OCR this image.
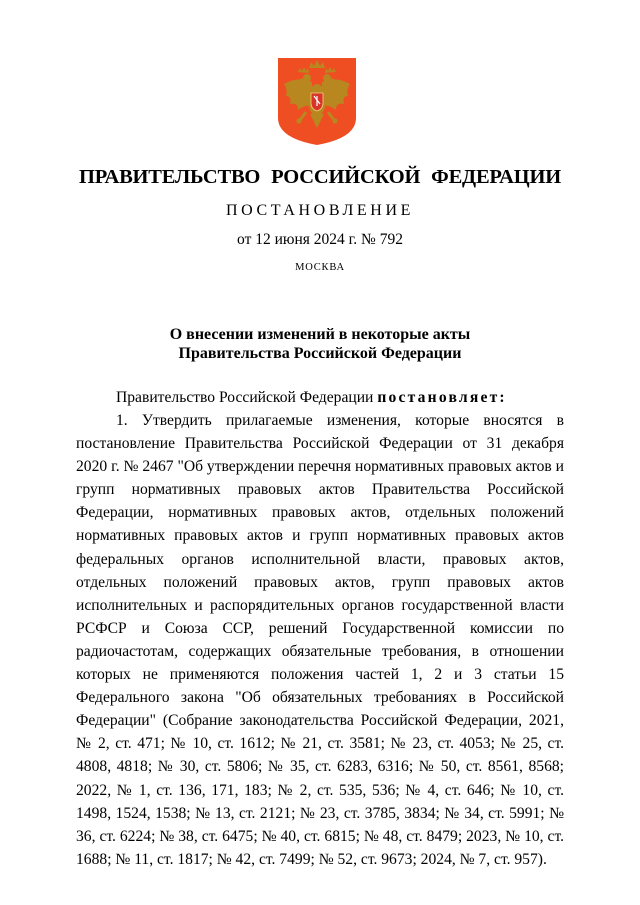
ПРАВИТЕЛЬСТВО РОССИЙСКОЙ ФЕДЕРАЦИИ
ПОСТАНОВЛЕНИЕ
от 12 июня 2024 г. № 792
МОСКВА
О внесении изменений в некоторые акты
Правительства Российской Федерации
Правительство Российской Федерации постановляет:
1. Утвердить прилагаемые изменения, которые вносятся в постановление Правительства Российской Федерации от 31 декабря 2020 г. № 2467 "Об утверждении перечня нормативных правовых актов и групп нормативных правовых актов Правительства Российской Федерации, нормативных правовых актов, отдельных положений нормативных правовых актов и групп нормативных правовых актов федеральных органов исполнительной власти, правовых актов, отдельных положений правовых актов, групп правовых актов исполнительных и распорядительных органов государственной власти РСФСР и Союза ССР, решений Государственной комиссии по радиочастотам, содержащих обязательные требования, в отношении которых не применяются положения частей 1, 2 и 3 статьи 15 Федерального закона "Об обязательных требованиях в Российской Федерации" (Собрание законодательства Российской Федерации, 2021, № 2, ст. 471; № 10, ст. 1612; № 21, ст. 3581; № 23, ст. 4053; № 25, ст. 4808, 4818; № 30, ст. 5806; № 35, ст. 6283, 6316; № 50, ст. 8561, 8568; 2022, № 1, ст. 136, 171, 183; № 2, ст. 535, 536; № 4, ст. 646; № 10, ст. 1498, 1524, 1538; № 13, ст. 2121; № 23, ст. 3785, 3834; № 34, ст. 5991; № 36, ст. 6224; № 38, ст. 6475; № 40, ст. 6815; № 48, ст. 8479; 2023, № 10, ст. 1688; № 11, ст. 1817; № 42, ст. 7499; № 52, ст. 9673; 2024, № 7, ст. 957).
